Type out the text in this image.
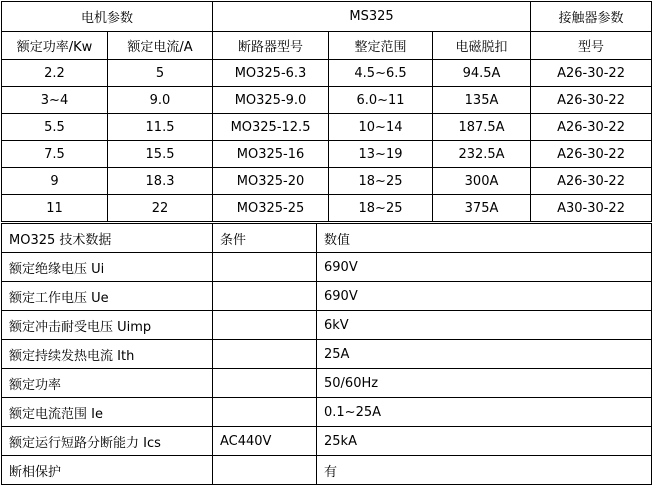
电机参数		MS325			接触器参数
额定功率/Kw	额定电流/A	断路器型号	整定范围	电磁脱扣	型号
2.2	5	MO325-6.3	4.5~6.5	94.5A	A26-30-22
3~4	9.0	MO325-9.0	6.0~11	135A	A26-30-22
5.5	11.5	MO325-12.5	10~14	187.5A	A26-30-22
7.5	15.5	MO325-16	13~19	232.5A	A26-30-22
9	18.3	MO325-20	18~25	300A	A26-30-22
11	22	MO325-25	18~25	375A	A30-30-22
MO325 技术数据	条件	数值
额定绝缘电压 Ui		690V
额定工作电压 Ue		690V
额定冲击耐受电压 Uimp		6kV
额定持续发热电流 Ith		25A
额定功率		50/60Hz
额定电流范围 Ie		0.1~25A
额定运行短路分断能力 Ics	AC440V	25kA
断相保护		有
